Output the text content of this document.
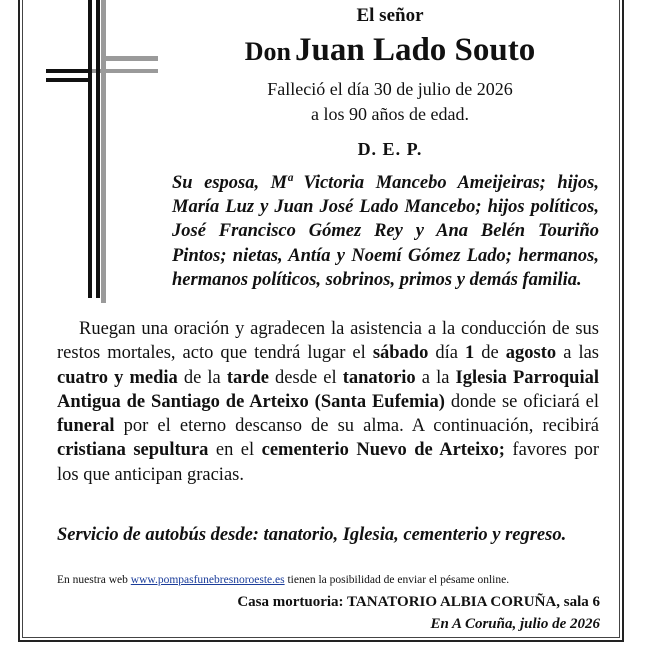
El señor
Don Juan Lado Souto
Falleció el día 30 de julio de 2026
a los 90 años de edad.
D. E. P.
Su esposa, Mª Victoria Mancebo Ameijeiras; hijos, María Luz y Juan José Lado Mancebo; hijos políticos, José Francisco Gómez Rey y Ana Belén Touriño Pintos; nietas, Antía y Noemí Gómez Lado; hermanos, hermanos políticos, sobrinos, primos y demás familia.
Ruegan una oración y agradecen la asistencia a la conducción de sus restos mortales, acto que tendrá lugar el sábado día 1 de agosto a las cuatro y media de la tarde desde el tanatorio a la Iglesia Parroquial Antigua de Santiago de Arteixo (Santa Eufemia) donde se oficiará el funeral por el eterno descanso de su alma. A continuación, recibirá cristiana sepultura en el cementerio Nuevo de Arteixo; favores por los que anticipan gracias.
Servicio de autobús desde: tanatorio, Iglesia, cementerio y regreso.
En nuestra web www.pompasfunebresnoroeste.es tienen la posibilidad de enviar el pésame online.
Casa mortuoria: TANATORIO ALBIA CORUÑA, sala 6
En A Coruña, julio de 2026
